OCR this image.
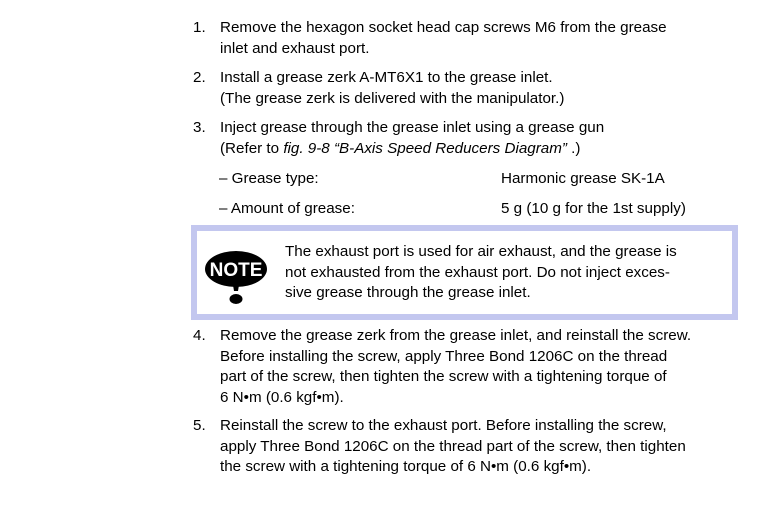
1. Remove the hexagon socket head cap screws M6 from the grease
inlet and exhaust port.
2. Install a grease zerk A-MT6X1 to the grease inlet.
(The grease zerk is delivered with the manipulator.)
3. Inject grease through the grease inlet using a grease gun
(Refer to fig. 9-8 “B-Axis Speed Reducers Diagram” .)
– Grease type:	Harmonic grease SK-1A
– Amount of grease:	5 g (10 g for the 1st supply)
NOTE
The exhaust port is used for air exhaust, and the grease is
not exhausted from the exhaust port. Do not inject exces-
sive grease through the grease inlet.
4. Remove the grease zerk from the grease inlet, and reinstall the screw.
Before installing the screw, apply Three Bond 1206C on the thread
part of the screw, then tighten the screw with a tightening torque of
6 N•m (0.6 kgf•m).
5. Reinstall the screw to the exhaust port. Before installing the screw,
apply Three Bond 1206C on the thread part of the screw, then tighten
the screw with a tightening torque of 6 N•m (0.6 kgf•m).
